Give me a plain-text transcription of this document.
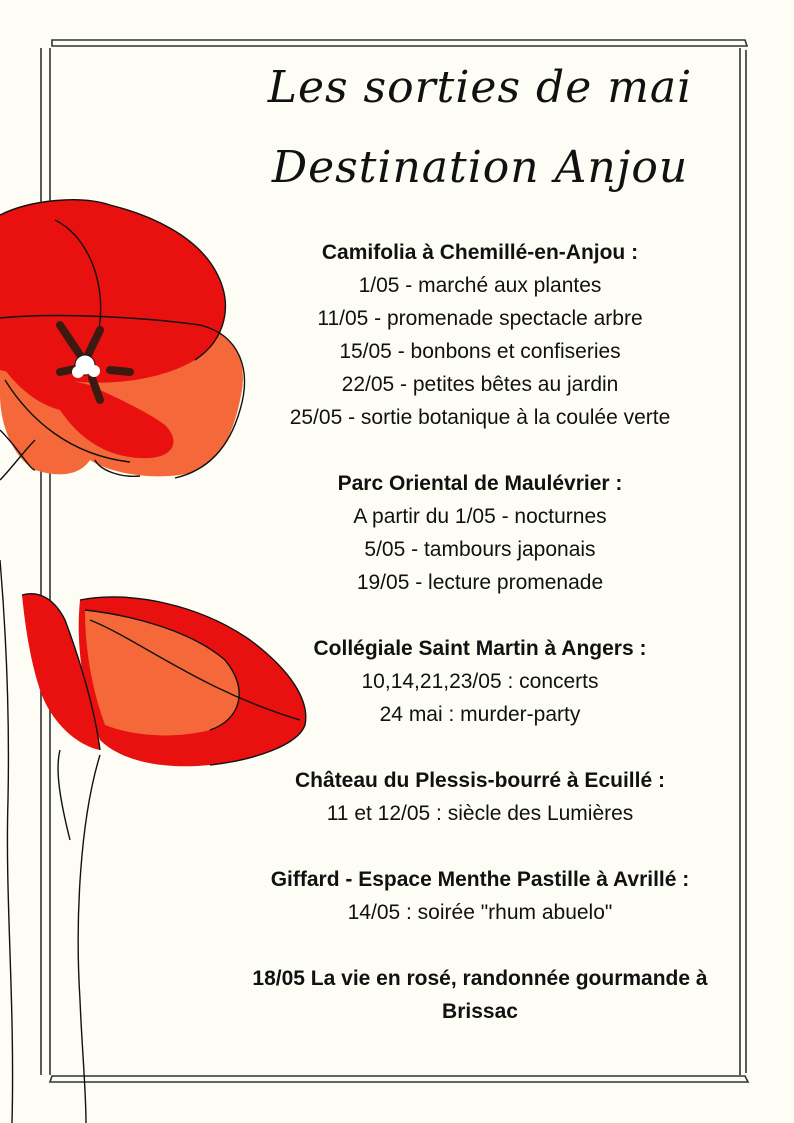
Les sorties de mai
Destination Anjou
Camifolia à Chemillé-en-Anjou :
1/05 - marché aux plantes
11/05 - promenade spectacle arbre
15/05 - bonbons et confiseries
22/05 - petites bêtes au jardin
25/05 - sortie botanique à la coulée verte
Parc Oriental de Maulévrier :
A partir du 1/05 - nocturnes
5/05 - tambours japonais
19/05 - lecture promenade
Collégiale Saint Martin à Angers :
10,14,21,23/05 : concerts
24 mai : murder-party
Château du Plessis-bourré à Ecuillé :
11 et 12/05 : siècle des Lumières
Giffard - Espace Menthe Pastille à Avrillé :
14/05 : soirée "rhum abuelo"
18/05 La vie en rosé, randonnée gourmande à
Brissac
